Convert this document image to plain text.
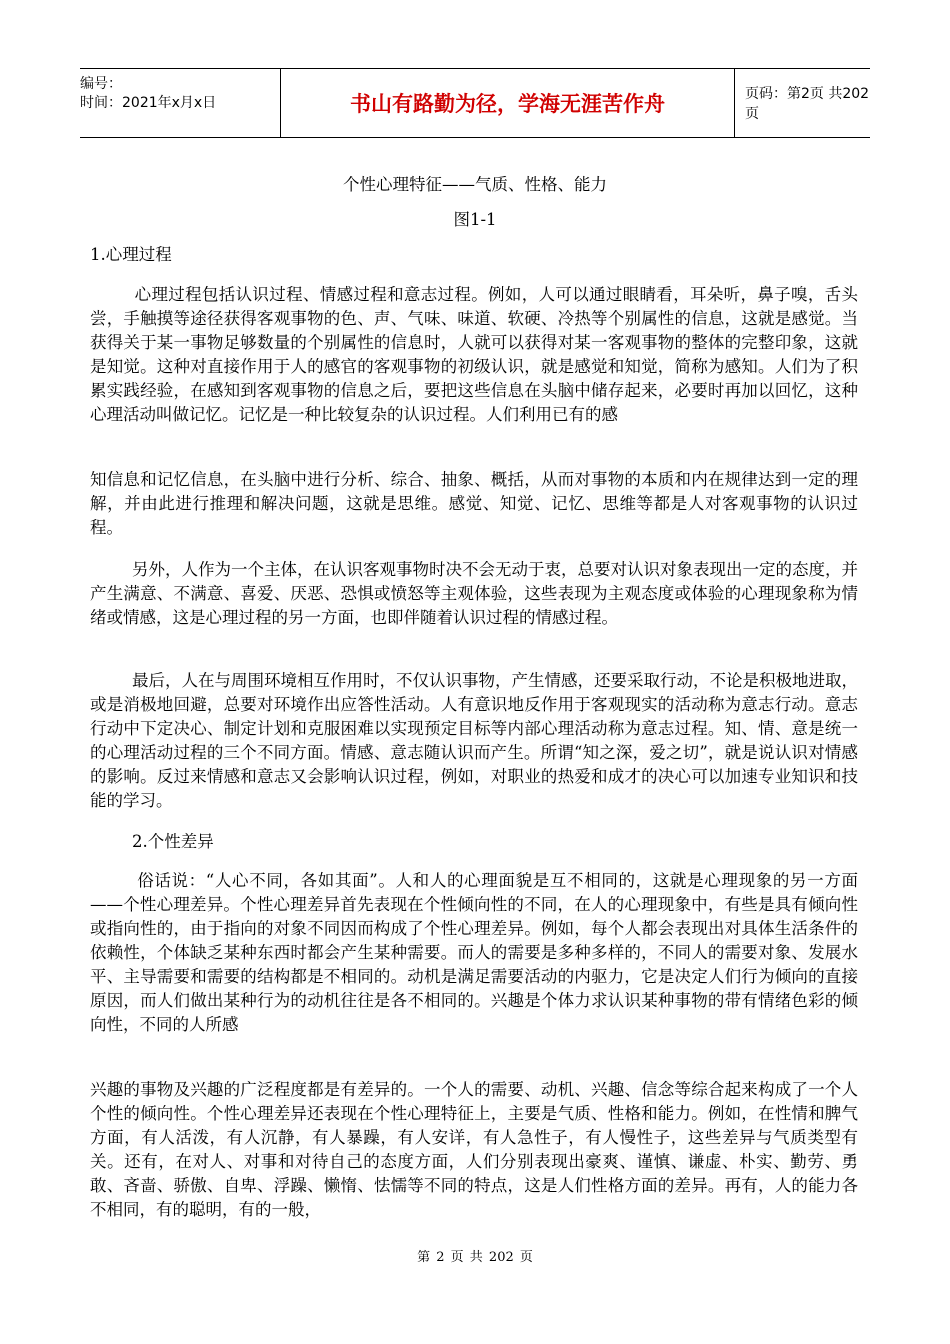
编号：
时间：2021年x月x日	书山有路勤为径，学海无涯苦作舟	页码：第2页 共202页
个性心理特征——气质、性格、能力
图1-1
1.心理过程
心理过程包括认识过程、情感过程和意志过程。例如，人可以通过眼睛看，耳朵听，鼻子嗅，舌头尝，手触摸等途径获得客观事物的色、声、气味、味道、软硬、冷热等个别属性的信息，这就是感觉。当获得关于某一事物足够数量的个别属性的信息时，人就可以获得对某一客观事物的整体的完整印象，这就是知觉。这种对直接作用于人的感官的客观事物的初级认识，就是感觉和知觉，简称为感知。人们为了积累实践经验，在感知到客观事物的信息之后，要把这些信息在头脑中储存起来，必要时再加以回忆，这种心理活动叫做记忆。记忆是一种比较复杂的认识过程。人们利用已有的感
知信息和记忆信息，在头脑中进行分析、综合、抽象、概括，从而对事物的本质和内在规律达到一定的理解，并由此进行推理和解决问题，这就是思维。感觉、知觉、记忆、思维等都是人对客观事物的认识过程。
另外，人作为一个主体，在认识客观事物时决不会无动于衷，总要对认识对象表现出一定的态度，并产生满意、不满意、喜爱、厌恶、恐惧或愤怒等主观体验，这些表现为主观态度或体验的心理现象称为情绪或情感，这是心理过程的另一方面，也即伴随着认识过程的情感过程。
最后，人在与周围环境相互作用时，不仅认识事物，产生情感，还要采取行动，不论是积极地进取，或是消极地回避，总要对环境作出应答性活动。人有意识地反作用于客观现实的活动称为意志行动。意志行动中下定决心、制定计划和克服困难以实现预定目标等内部心理活动称为意志过程。知、情、意是统一的心理活动过程的三个不同方面。情感、意志随认识而产生。所谓“知之深，爱之切”，就是说认识对情感的影响。反过来情感和意志又会影响认识过程，例如，对职业的热爱和成才的决心可以加速专业知识和技能的学习。
2.个性差异
俗话说：“人心不同，各如其面”。人和人的心理面貌是互不相同的，这就是心理现象的另一方面——个性心理差异。个性心理差异首先表现在个性倾向性的不同，在人的心理现象中，有些是具有倾向性或指向性的，由于指向的对象不同因而构成了个性心理差异。例如，每个人都会表现出对具体生活条件的依赖性，个体缺乏某种东西时都会产生某种需要。而人的需要是多种多样的，不同人的需要对象、发展水平、主导需要和需要的结构都是不相同的。动机是满足需要活动的内驱力，它是决定人们行为倾向的直接原因，而人们做出某种行为的动机往往是各不相同的。兴趣是个体力求认识某种事物的带有情绪色彩的倾向性，不同的人所感
兴趣的事物及兴趣的广泛程度都是有差异的。一个人的需要、动机、兴趣、信念等综合起来构成了一个人个性的倾向性。个性心理差异还表现在个性心理特征上，主要是气质、性格和能力。例如，在性情和脾气方面，有人活泼，有人沉静，有人暴躁，有人安详，有人急性子，有人慢性子，这些差异与气质类型有关。还有，在对人、对事和对待自己的态度方面，人们分别表现出豪爽、谨慎、谦虚、朴实、勤劳、勇敢、吝啬、骄傲、自卑、浮躁、懒惰、怯懦等不同的特点，这是人们性格方面的差异。再有，人的能力各不相同，有的聪明，有的一般，
第 2 页 共 202 页
